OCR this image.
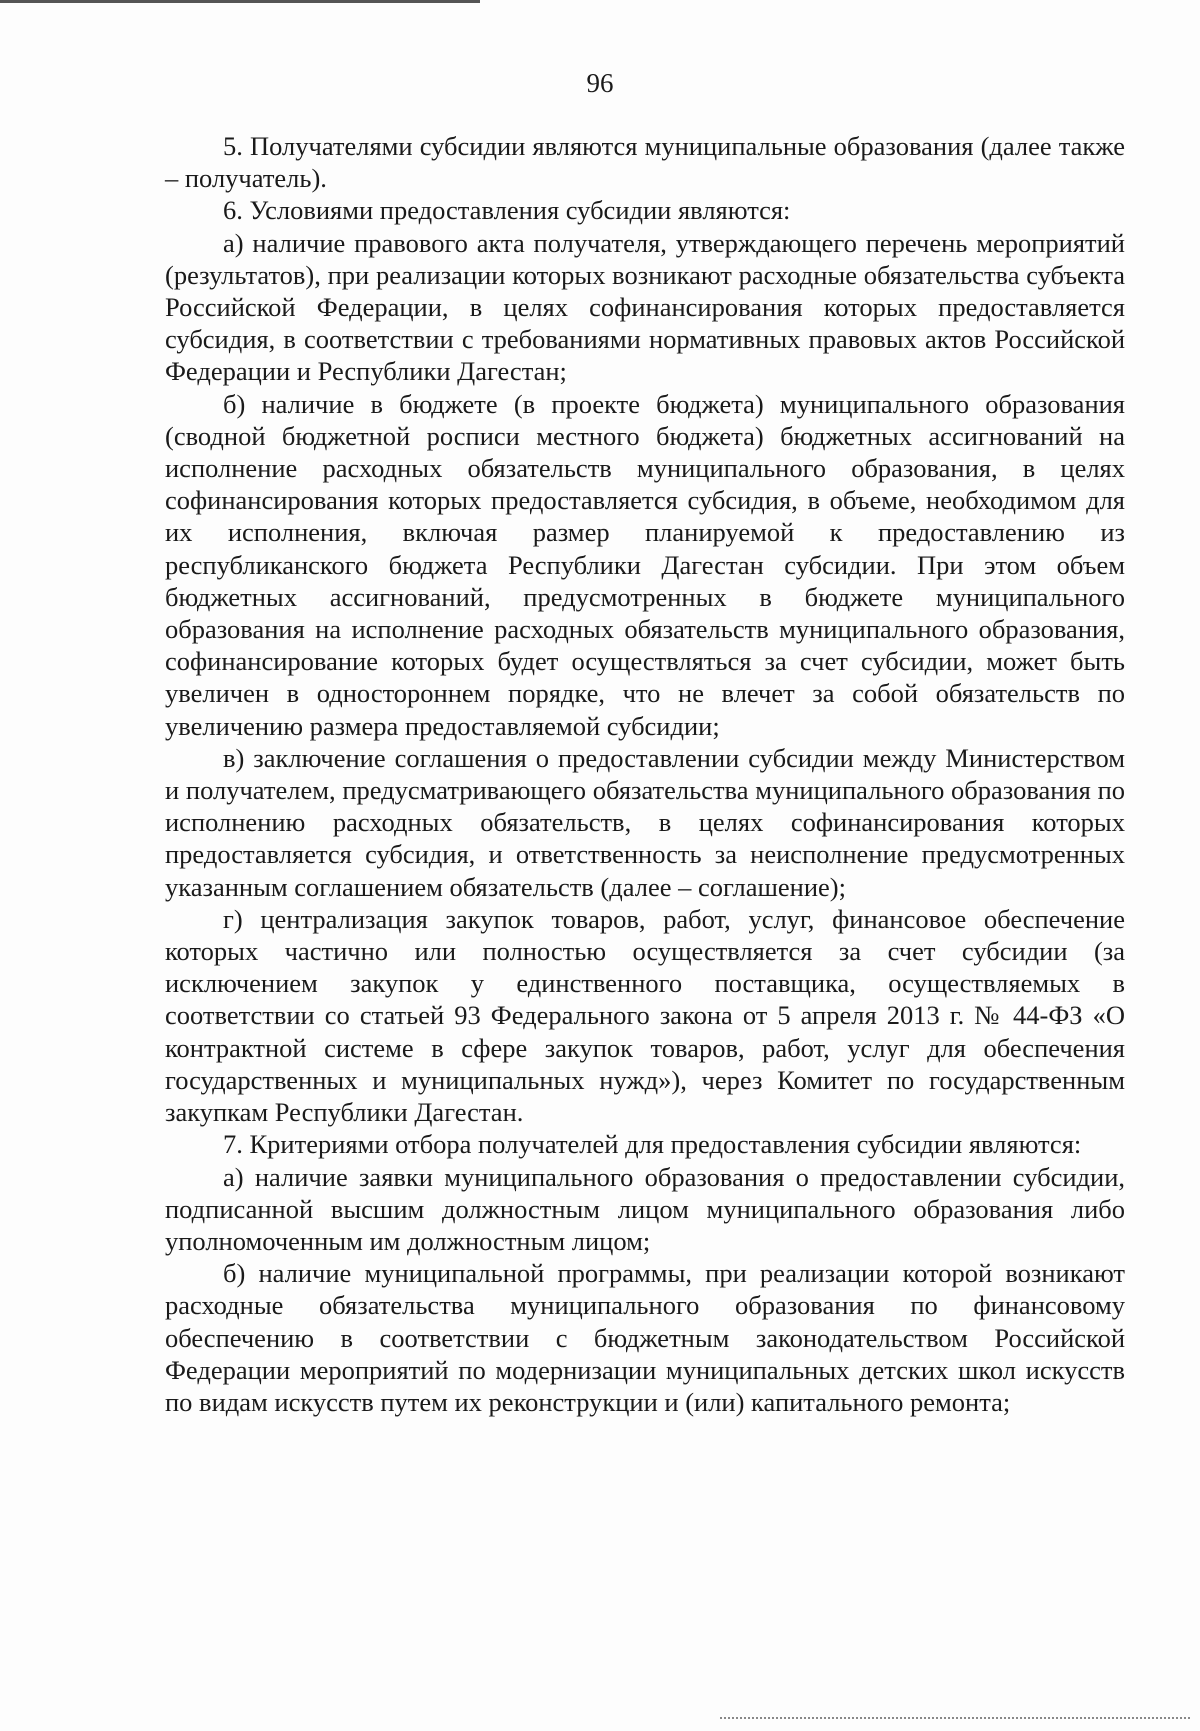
96

5. Получателями субсидии являются муниципальные образования (далее также – получатель).

6. Условиями предоставления субсидии являются:

а) наличие правового акта получателя, утверждающего перечень мероприятий (результатов), при реализации которых возникают расходные обязательства субъекта Российской Федерации, в целях софинансирования которых предоставляется субсидия, в соответствии с требованиями нормативных правовых актов Российской Федерации и Республики Дагестан;

б) наличие в бюджете (в проекте бюджета) муниципального образования (сводной бюджетной росписи местного бюджета) бюджетных ассигнований на исполнение расходных обязательств муниципального образования, в целях софинансирования которых предоставляется субсидия, в объеме, необходимом для их исполнения, включая размер планируемой к предоставлению из республиканского бюджета Республики Дагестан субсидии. При этом объем бюджетных ассигнований, предусмотренных в бюджете муниципального образования на исполнение расходных обязательств муниципального образования, софинансирование которых будет осуществляться за счет субсидии, может быть увеличен в одностороннем порядке, что не влечет за собой обязательств по увеличению размера предоставляемой субсидии;

в) заключение соглашения о предоставлении субсидии между Министерством и получателем, предусматривающего обязательства муниципального образования по исполнению расходных обязательств, в целях софинансирования которых предоставляется субсидия, и ответственность за неисполнение предусмотренных указанным соглашением обязательств (далее – соглашение);

г) централизация закупок товаров, работ, услуг, финансовое обеспечение которых частично или полностью осуществляется за счет субсидии (за исключением закупок у единственного поставщика, осуществляемых в соответствии со статьей 93 Федерального закона от 5 апреля 2013 г. № 44-ФЗ «О контрактной системе в сфере закупок товаров, работ, услуг для обеспечения государственных и муниципальных нужд»), через Комитет по государственным закупкам Республики Дагестан.

7. Критериями отбора получателей для предоставления субсидии являются:

а) наличие заявки муниципального образования о предоставлении субсидии, подписанной высшим должностным лицом муниципального образования либо уполномоченным им должностным лицом;

б) наличие муниципальной программы, при реализации которой возникают расходные обязательства муниципального образования по финансовому обеспечению в соответствии с бюджетным законодательством Российской Федерации мероприятий по модернизации муниципальных детских школ искусств по видам искусств путем их реконструкции и (или) капитального ремонта;
